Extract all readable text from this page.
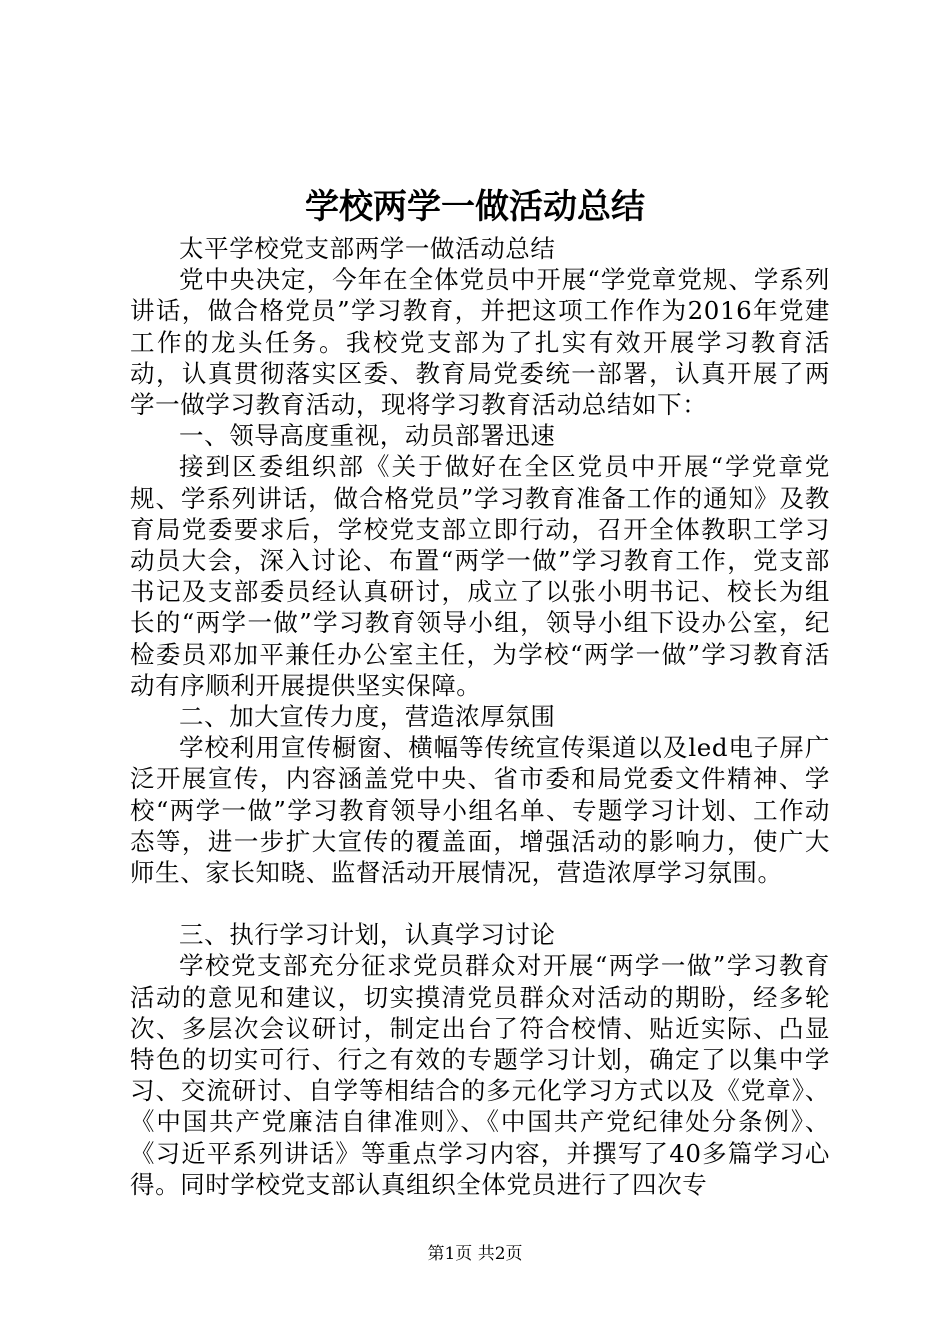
学校两学一做活动总结

太平学校党支部两学一做活动总结

党中央决定，今年在全体党员中开展“学党章党规、学系列讲话，做合格党员”学习教育，并把这项工作作为2016年党建工作的龙头任务。我校党支部为了扎实有效开展学习教育活动，认真贯彻落实区委、教育局党委统一部署，认真开展了两学一做学习教育活动，现将学习教育活动总结如下：

一、领导高度重视，动员部署迅速

接到区委组织部《关于做好在全区党员中开展“学党章党规、学系列讲话，做合格党员”学习教育准备工作的通知》及教育局党委要求后，学校党支部立即行动，召开全体教职工学习动员大会，深入讨论、布置“两学一做”学习教育工作，党支部书记及支部委员经认真研讨，成立了以张小明书记、校长为组长的“两学一做”学习教育领导小组，领导小组下设办公室，纪检委员邓加平兼任办公室主任，为学校“两学一做”学习教育活动有序顺利开展提供坚实保障。

二、加大宣传力度，营造浓厚氛围

学校利用宣传橱窗、横幅等传统宣传渠道以及led电子屏广泛开展宣传，内容涵盖党中央、省市委和局党委文件精神、学校“两学一做”学习教育领导小组名单、专题学习计划、工作动态等，进一步扩大宣传的覆盖面，增强活动的影响力，使广大师生、家长知晓、监督活动开展情况，营造浓厚学习氛围。

三、执行学习计划，认真学习讨论

学校党支部充分征求党员群众对开展“两学一做”学习教育活动的意见和建议，切实摸清党员群众对活动的期盼，经多轮次、多层次会议研讨，制定出台了符合校情、贴近实际、凸显特色的切实可行、行之有效的专题学习计划，确定了以集中学习、交流研讨、自学等相结合的多元化学习方式以及《党章》、《中国共产党廉洁自律准则》、《中国共产党纪律处分条例》、《习近平系列讲话》等重点学习内容，并撰写了40多篇学习心得。同时学校党支部认真组织全体党员进行了四次专

第1页 共2页
